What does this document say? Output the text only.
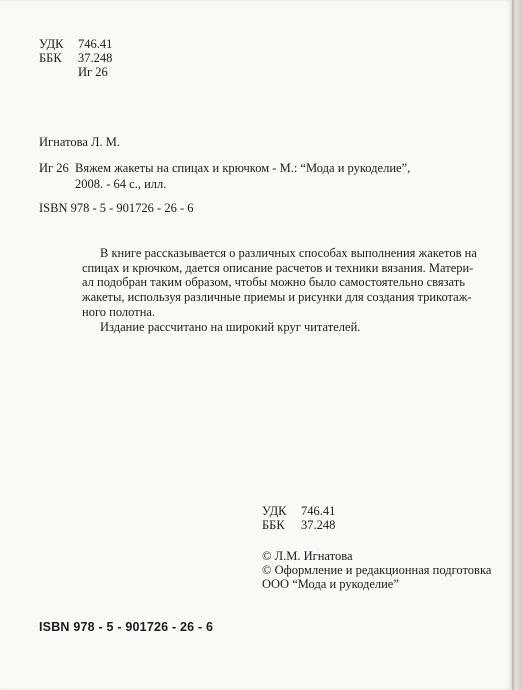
УДК	746.41
ББК	37.248
Иг 26
Игнатова Л. М.
Иг 26 Вяжем жакеты на спицах и крючком - М.: “Мода и рукоделие”,
2008. - 64 с., илл.
ISBN 978 - 5 - 901726 - 26 - 6

В книге рассказывается о различных способах выполнения жакетов на

спицах и крючком, дается описание расчетов и техники вязания. Матери-

ал подобран таким образом, чтобы можно было самостоятельно связать

жакеты, используя различные приемы и рисунки для создания трикотаж-

ного полотна.

Издание рассчитано на широкий круг читателей.

УДК	746.41
ББК	37.248
© Л.М. Игнатова
© Оформление и редакционная подготовка
ООО “Мода и рукоделие”
ISBN 978 - 5 - 901726 - 26 - 6
